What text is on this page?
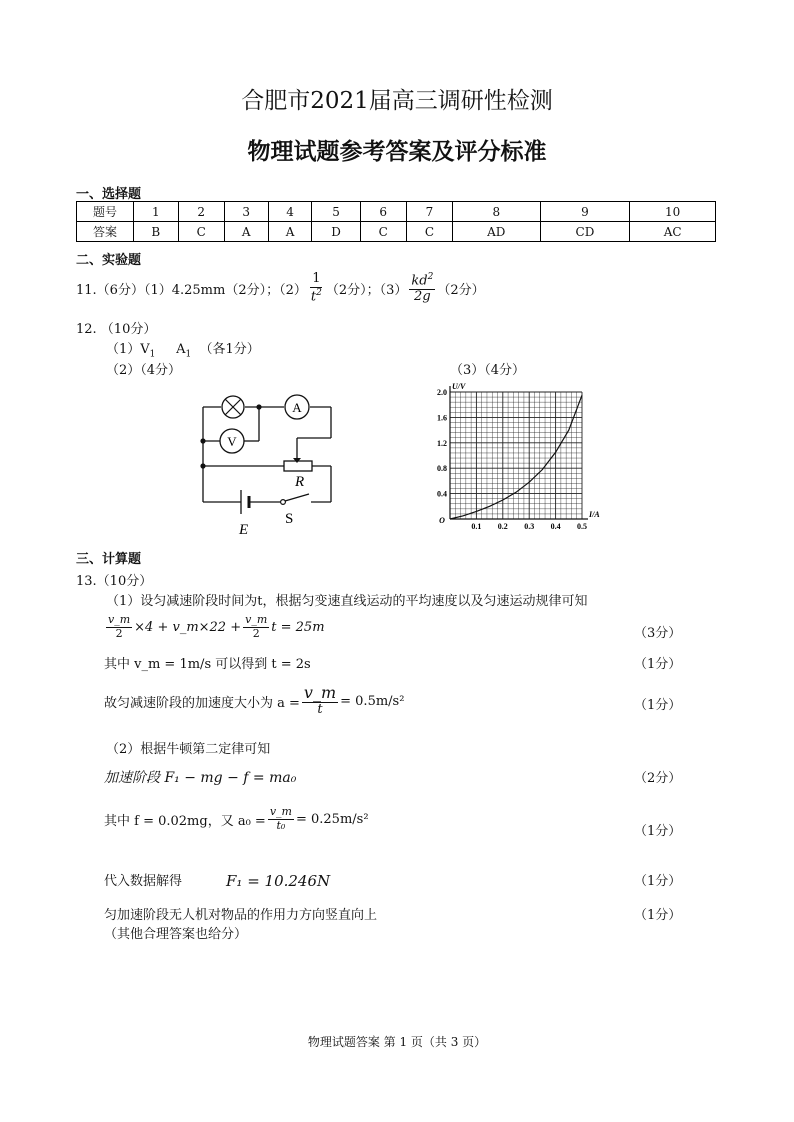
合肥市2021届高三调研性检测
物理试题参考答案及评分标准
一、选择题
题号	1	2	3	4	5	6	7	8	9	10
答案	B	C	A	A	D	C	C	AD	CD	AC
二、实验题
11.（6分）（1）4.25mm（2分）；$(2) \frac{1}{t^2} (2$分）；$(3) \frac{kd^2}{2g} (2$分）
12. （10分）
$(1)V_1$ $A_1$ （各1分）
（2）（4分）	（3）（4分）
A
V
R
E
S	0.1 0.2 0.3 0.4 0.5
0.4
0.8
1.2
1.6
2.0
I/A
U/V
O
三、计算题
13.（10分）
（1）设匀减速阶段时间为t，根据匀变速直线运动的平均速度以及匀速运动规律可知
$\frac{v\_m}{2} \times 4$ + v_m×22 + $\frac{v\_m}{2}$ t = 25m	（3分）
其中 v_m = 1m/s 可以得到 t = 2s	（1分）
故匀减速阶段的加速度大小为 $a = \frac{v\_m}{t} = 0.5m/s^2$	（1分）
（2）根据牛顿第二定律可知
加速阶段 F₁ − mg − f = ma₀	（2分）
其中 f = 0.02mg，又 $a_0 = \frac{v\_m}{\text{t₀}} = 0.25m/s^2$
（1分）
代入数据解得	F₁ = 10.246N	（1分）
匀加速阶段无人机对物品的作用力方向竖直向上	（1分）
（其他合理答案也给分）
物理试题答案 第 1 页（共 3 页）
